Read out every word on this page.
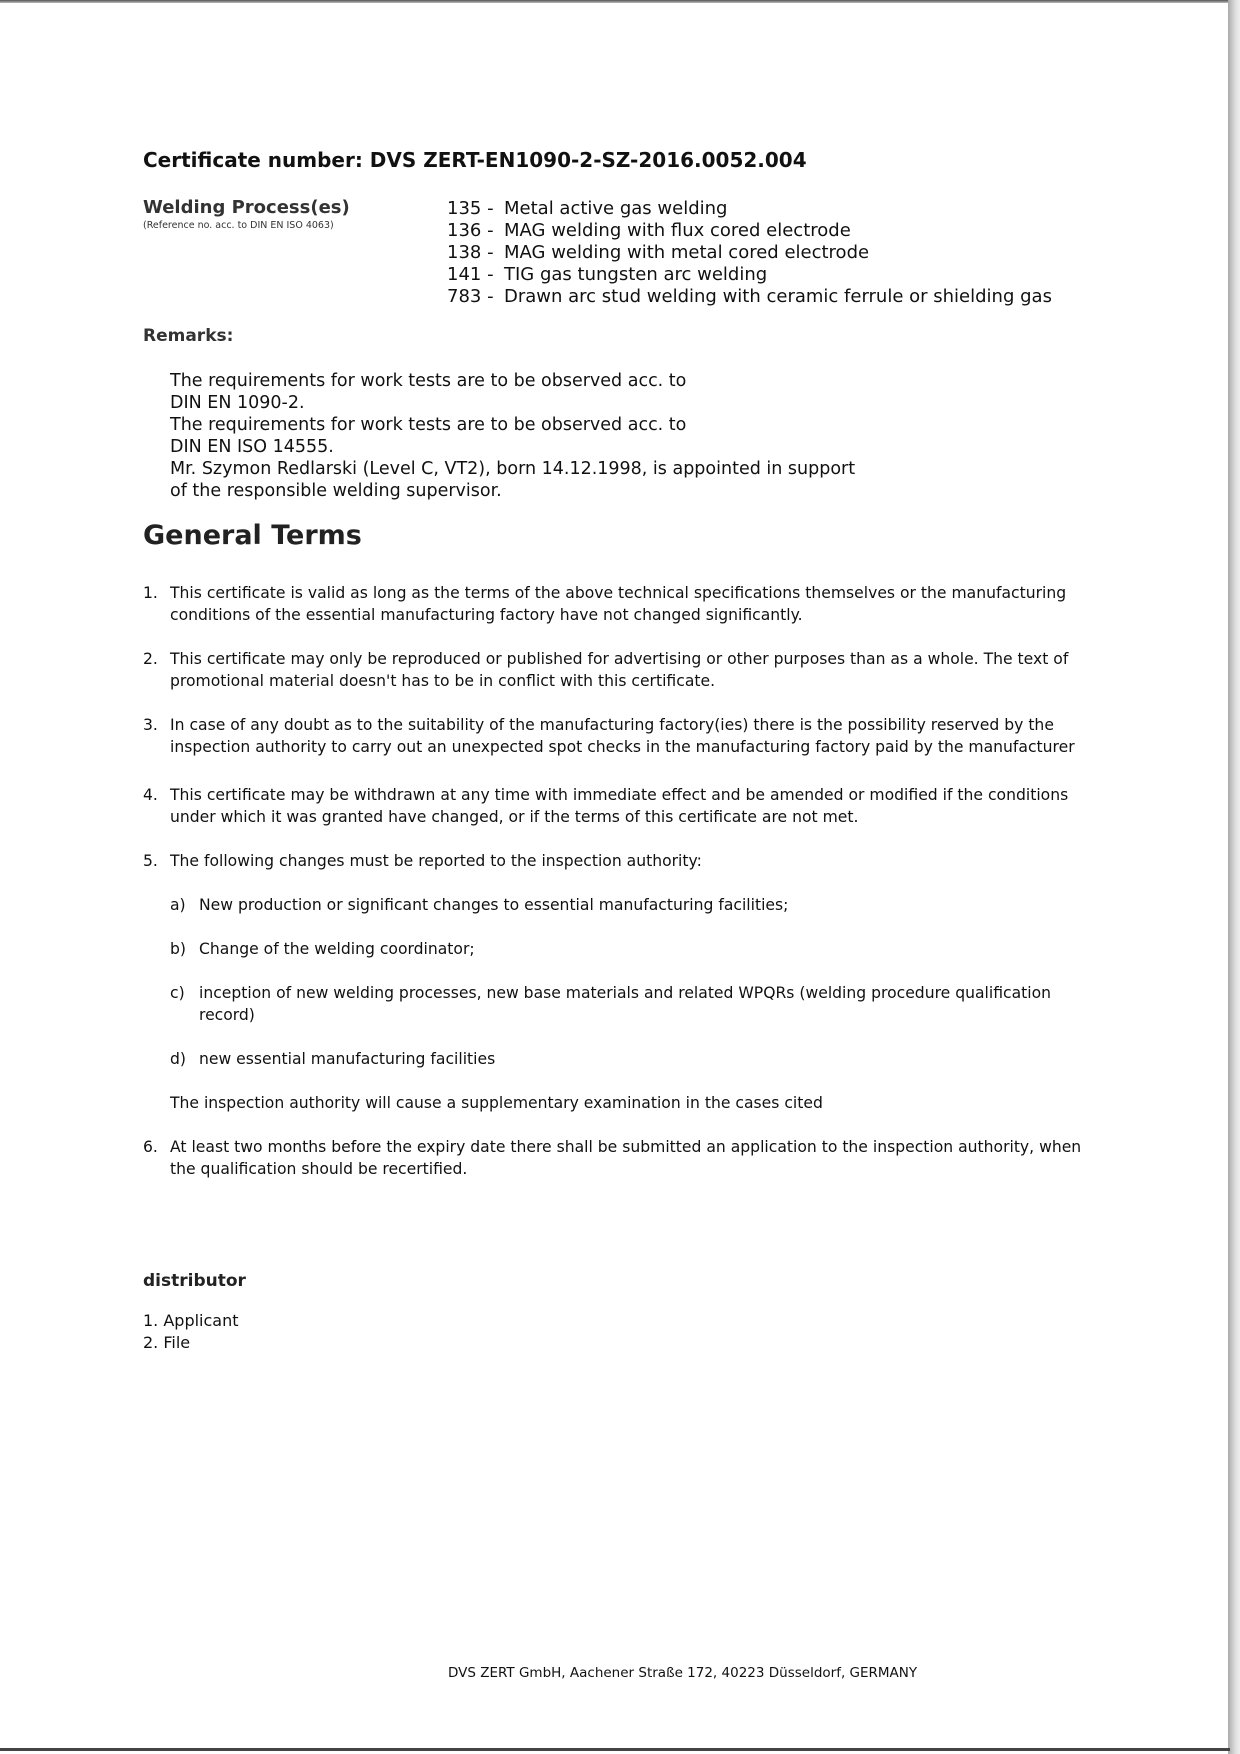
Certificate number: DVS ZERT-EN1090-2-SZ-2016.0052.004
Welding Process(es)
(Reference no. acc. to DIN EN ISO 4063)
135 - Metal active gas welding
136 - MAG welding with flux cored electrode
138 - MAG welding with metal cored electrode
141 - TIG gas tungsten arc welding
783 - Drawn arc stud welding with ceramic ferrule or shielding gas
Remarks:
The requirements for work tests are to be observed acc. to
DIN EN 1090-2.
The requirements for work tests are to be observed acc. to
DIN EN ISO 14555.
Mr. Szymon Redlarski (Level C, VT2), born 14.12.1998, is appointed in support
of the responsible welding supervisor.
General Terms
1. This certificate is valid as long as the terms of the above technical specifications themselves or the manufacturing conditions of the essential manufacturing factory have not changed significantly.
2. This certificate may only be reproduced or published for advertising or other purposes than as a whole. The text of promotional material doesn't has to be in conflict with this certificate.
3. In case of any doubt as to the suitability of the manufacturing factory(ies) there is the possibility reserved by the inspection authority to carry out an unexpected spot checks in the manufacturing factory paid by the manufacturer
4. This certificate may be withdrawn at any time with immediate effect and be amended or modified if the conditions under which it was granted have changed, or if the terms of this certificate are not met.
5. The following changes must be reported to the inspection authority:
a) New production or significant changes to essential manufacturing facilities;
b) Change of the welding coordinator;
c) inception of new welding processes, new base materials and related WPQRs (welding procedure qualification record)
d) new essential manufacturing facilities
The inspection authority will cause a supplementary examination in the cases cited
6. At least two months before the expiry date there shall be submitted an application to the inspection authority, when the qualification should be recertified.
distributor
1. Applicant
2. File
DVS ZERT GmbH, Aachener Straße 172, 40223 Düsseldorf, GERMANY
